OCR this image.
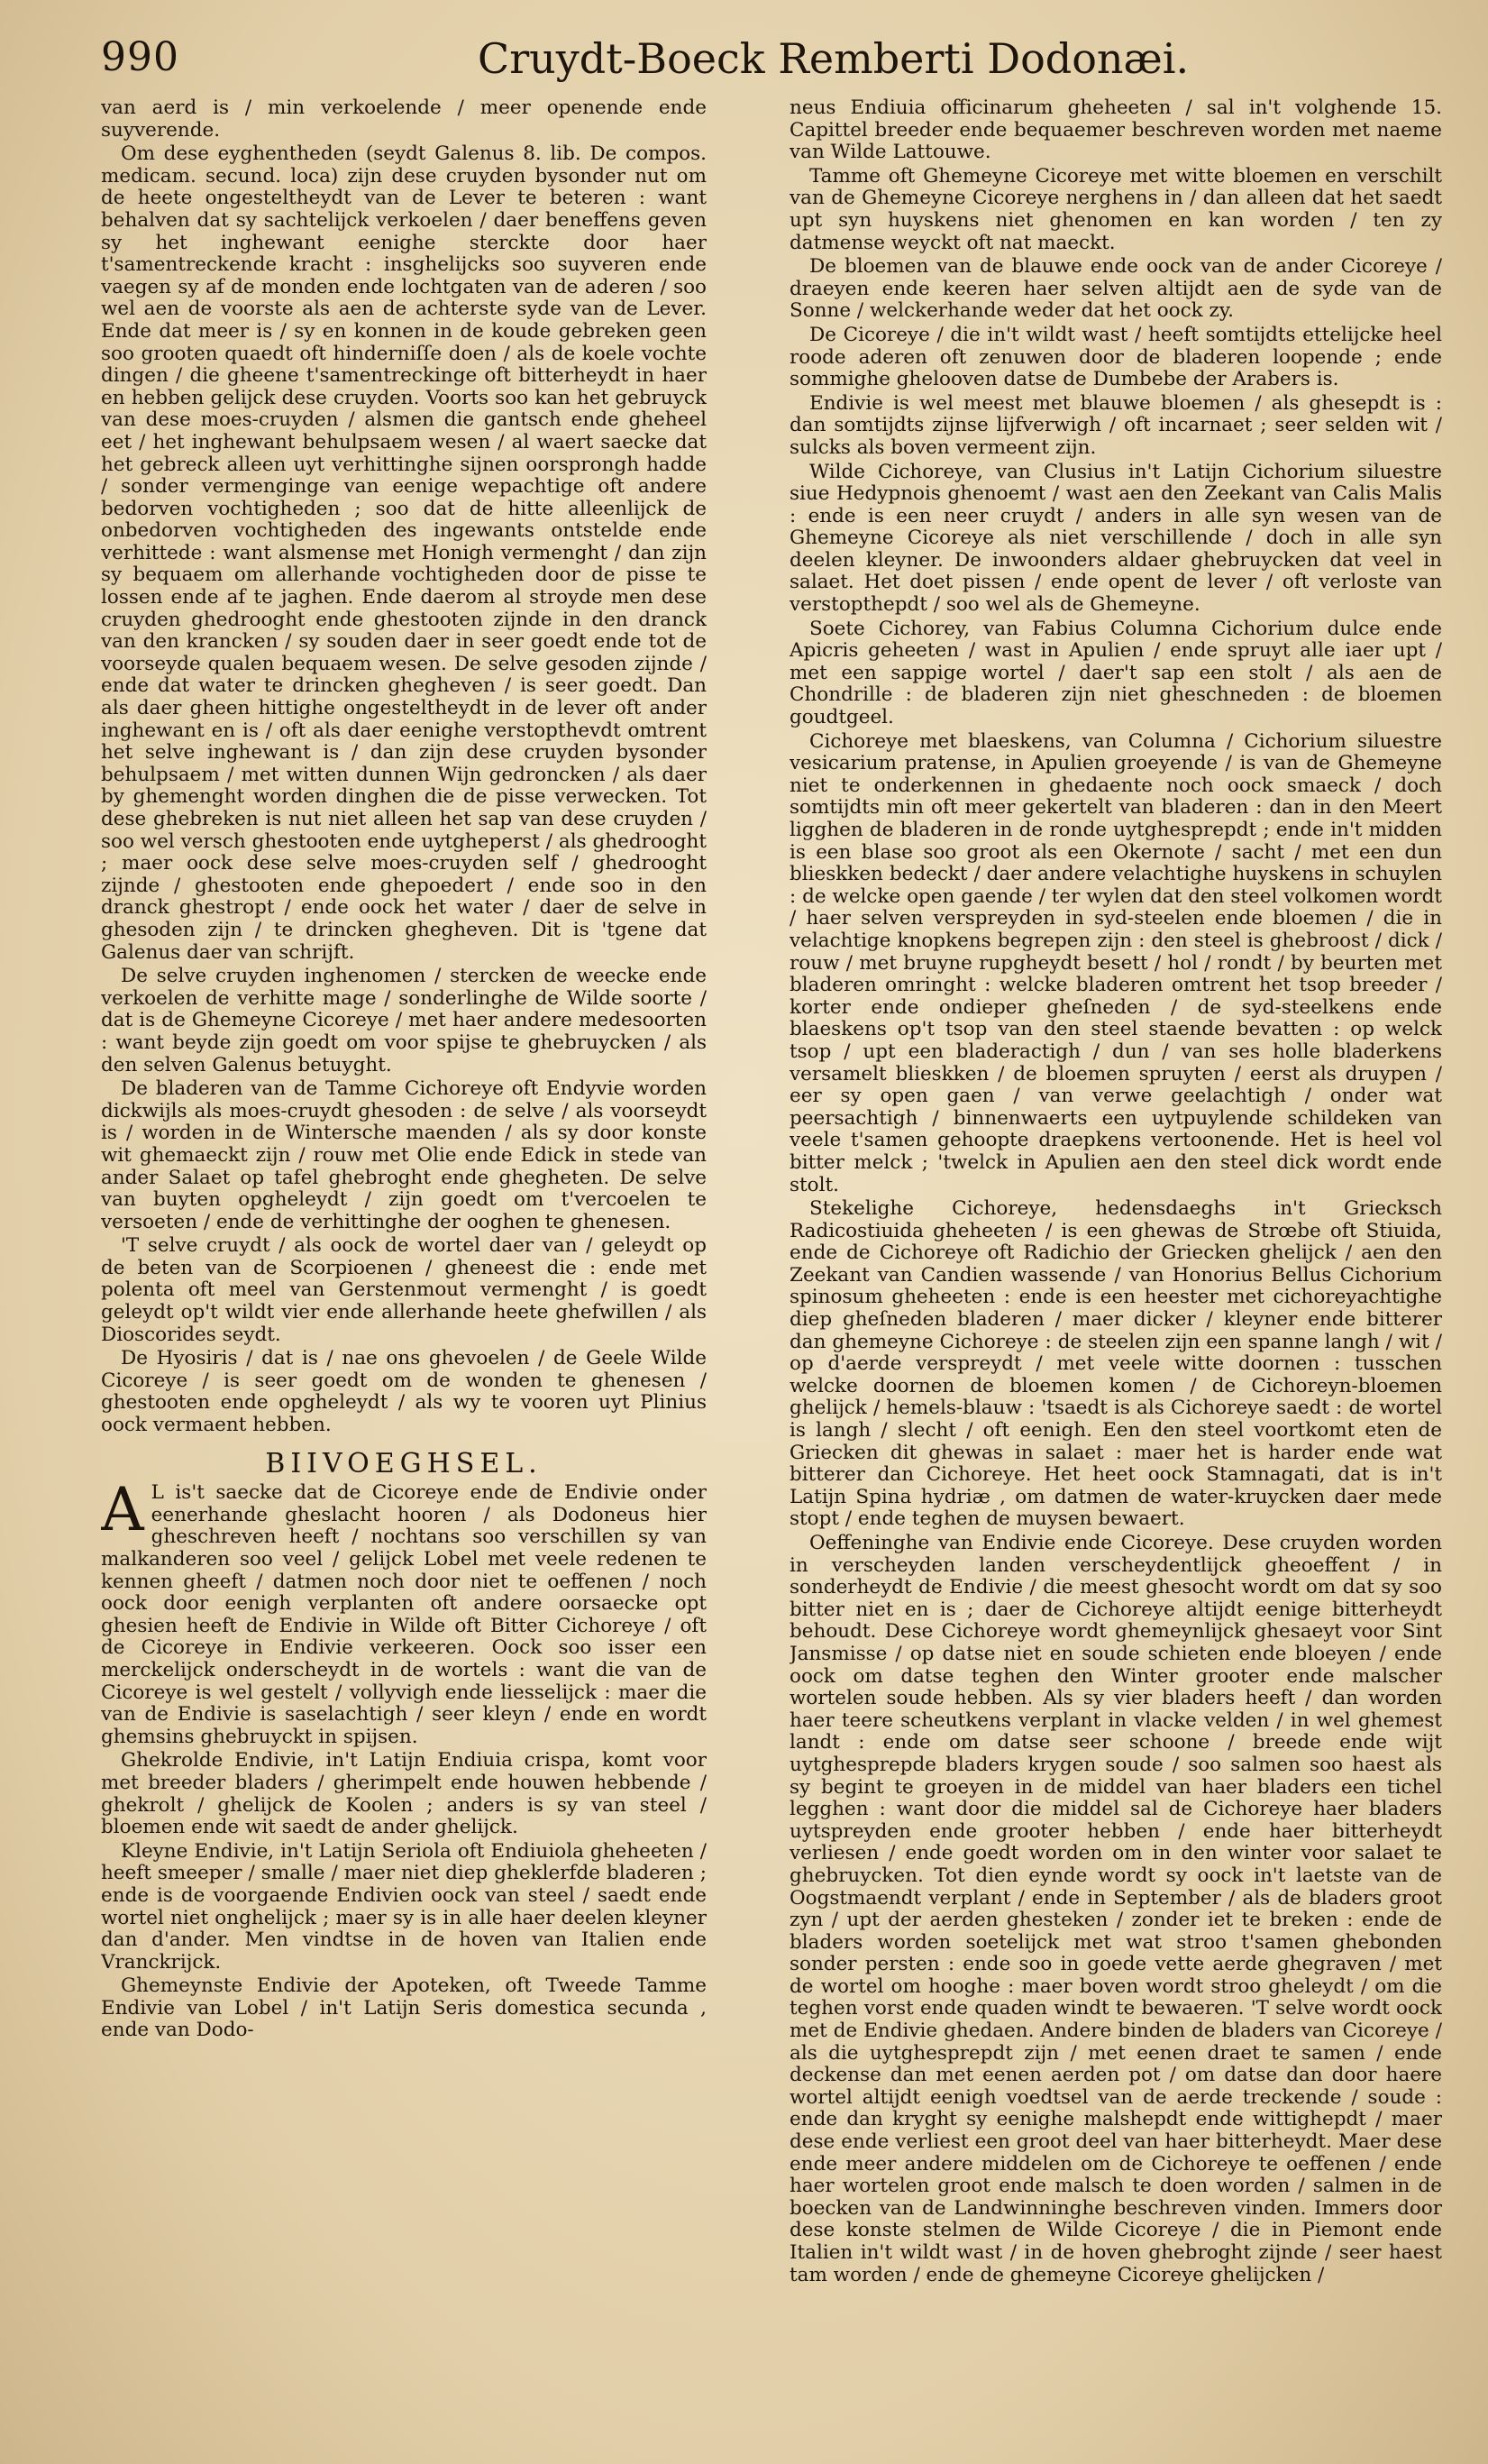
990	Cruydt-Boeck Remberti Dodonæi.

van aerd is / min verkoelende / meer openende ende suyverende.

Om dese eyghentheden (seydt Galenus 8. lib. De compos. medicam. secund. loca) zijn dese cruyden bysonder nut om de heete ongesteltheydt van de Lever te beteren : want behalven dat sy sachtelijck verkoelen / daer beneffens geven sy het inghewant eenighe sterckte door haer t'samentreckende kracht : insghelijcks soo suyveren ende vaegen sy af de monden ende lochtgaten van de aderen / soo wel aen de voorste als aen de achterste syde van de Lever. Ende dat meer is / sy en konnen in de koude gebreken geen soo grooten quaedt oft hinderniſſe doen / als de koele vochte dingen / die gheene t'samentreckinge oft bitterheydt in haer en hebben gelijck dese cruyden. Voorts soo kan het gebruyck van dese moes-cruyden / alsmen die gantsch ende gheheel eet / het inghewant behulpsaem wesen / al waert saecke dat het gebreck alleen uyt verhittinghe sijnen oorsprongh hadde / sonder vermenginge van eenige wepachtige oft andere bedorven vochtigheden ; soo dat de hitte alleenlijck de onbedorven vochtigheden des ingewants ontstelde ende verhittede : want alsmense met Honigh vermenght / dan zijn sy bequaem om allerhande vochtigheden door de pisse te lossen ende af te jaghen. Ende daerom al stroyde men dese cruyden ghedrooght ende ghestooten zijnde in den dranck van den krancken / sy souden daer in seer goedt ende tot de voorseyde qualen bequaem wesen. De selve gesoden zijnde / ende dat water te drincken ghegheven / is seer goedt. Dan als daer gheen hittighe ongesteltheydt in de lever oft ander inghewant en is / oft als daer eenighe verstopthevdt omtrent het selve inghewant is / dan zijn dese cruyden bysonder behulpsaem / met witten dunnen Wijn gedroncken / als daer by ghemenght worden dinghen die de pisse verwecken. Tot dese ghebreken is nut niet alleen het sap van dese cruyden / soo wel versch ghestooten ende uytgheperst / als ghedrooght ; maer oock dese selve moes-cruyden self / ghedrooght zijnde / ghestooten ende ghepoedert / ende soo in den dranck ghestropt / ende oock het water / daer de selve in ghesoden zijn / te drincken ghegheven. Dit is 'tgene dat Galenus daer van schrijft.

De selve cruyden inghenomen / stercken de weecke ende verkoelen de verhitte mage / sonderlinghe de Wilde soorte / dat is de Ghemeyne Cicoreye / met haer andere medesoorten : want beyde zijn goedt om voor spijse te ghebruycken / als den selven Galenus betuyght.

De bladeren van de Tamme Cichoreye oft Endyvie worden dickwijls als moes-cruydt ghesoden : de selve / als voorseydt is / worden in de Wintersche maenden / als sy door konste wit ghemaeckt zijn / rouw met Olie ende Edick in stede van ander Salaet op tafel ghebroght ende ghegheten. De selve van buyten opgheleydt / zijn goedt om t'vercoelen te versoeten / ende de verhittinghe der ooghen te ghenesen.

'T selve cruydt / als oock de wortel daer van / geleydt op de beten van de Scorpioenen / gheneest die : ende met polenta oft meel van Gerstenmout vermenght / is goedt geleydt op't wildt vier ende allerhande heete ghefwillen / als Dioscorides seydt.

De Hyosiris / dat is / nae ons ghevoelen / de Geele Wilde Cicoreye / is seer goedt om de wonden te ghenesen / ghestooten ende opgheleydt / als wy te vooren uyt Plinius oock vermaent hebben.

BIIVOEGHSEL.

A L is't saecke dat de Cicoreye ende de Endivie onder eenerhande gheslacht hooren / als Dodoneus hier gheschreven heeft / nochtans soo verschillen sy van malkanderen soo veel / gelijck Lobel met veele redenen te kennen gheeft / datmen noch door niet te oeffenen / noch oock door eenigh verplanten oft andere oorsaecke opt ghesien heeft de Endivie in Wilde oft Bitter Cichoreye / oft de Cicoreye in Endivie verkeeren. Oock soo isser een merckelijck onderscheydt in de wortels : want die van de Cicoreye is wel gestelt / vollyvigh ende liesselijck : maer die van de Endivie is saselachtigh / seer kleyn / ende en wordt ghemsins ghebruyckt in spijsen.

Ghekrolde Endivie, in't Latijn Endiuia crispa, komt voor met breeder bladers / gherimpelt ende houwen hebbende / ghekrolt / ghelijck de Koolen ; anders is sy van steel / bloemen ende wit saedt de ander ghelijck.

Kleyne Endivie, in't Latijn Seriola oft Endiuiola gheheeten / heeft smeeper / smalle / maer niet diep gheklerfde bladeren ; ende is de voorgaende Endivien oock van steel / saedt ende wortel niet onghelijck ; maer sy is in alle haer deelen kleyner dan d'ander. Men vindtse in de hoven van Italien ende Vranckrijck.

Ghemeynste Endivie der Apoteken, oft Tweede Tamme Endivie van Lobel / in't Latijn Seris domestica secunda , ende van Dodo-

neus Endiuia officinarum gheheeten / sal in't volghende 15. Capittel breeder ende bequaemer beschreven worden met naeme van Wilde Lattouwe.

Tamme oft Ghemeyne Cicoreye met witte bloemen en verschilt van de Ghemeyne Cicoreye nerghens in / dan alleen dat het saedt upt syn huyskens niet ghenomen en kan worden / ten zy datmense weyckt oft nat maeckt.

De bloemen van de blauwe ende oock van de ander Cicoreye / draeyen ende keeren haer selven altijdt aen de syde van de Sonne / welckerhande weder dat het oock zy.

De Cicoreye / die in't wildt wast / heeft somtijdts ettelijcke heel roode aderen oft zenuwen door de bladeren loopende ; ende sommighe ghelooven datse de Dumbebe der Arabers is.

Endivie is wel meest met blauwe bloemen / als ghesepdt is : dan somtijdts zijnse lijfverwigh / oft incarnaet ; seer selden wit / sulcks als boven vermeent zijn.

Wilde Cichoreye, van Clusius in't Latijn Cichorium siluestre siue Hedypnois ghenoemt / wast aen den Zeekant van Calis Malis : ende is een neer cruydt / anders in alle syn wesen van de Ghemeyne Cicoreye als niet verschillende / doch in alle syn deelen kleyner. De inwoonders aldaer ghebruycken dat veel in salaet. Het doet pissen / ende opent de lever / oft verloste van verstopthepdt / soo wel als de Ghemeyne.

Soete Cichorey, van Fabius Columna Cichorium dulce ende Apicris geheeten / wast in Apulien / ende spruyt alle iaer upt / met een sappige wortel / daer't sap een stolt / als aen de Chondrille : de bladeren zijn niet gheschneden : de bloemen goudtgeel.

Cichoreye met blaeskens, van Columna / Cichorium siluestre vesicarium pratense, in Apulien groeyende / is van de Ghemeyne niet te onderkennen in ghedaente noch oock smaeck / doch somtijdts min oft meer gekertelt van bladeren : dan in den Meert ligghen de bladeren in de ronde uytghesprepdt ; ende in't midden is een blase soo groot als een Okernote / sacht / met een dun blieskken bedeckt / daer andere velachtighe huyskens in schuylen : de welcke open gaende / ter wylen dat den steel volkomen wordt / haer selven verspreyden in syd-steelen ende bloemen / die in velachtige knopkens begrepen zijn : den steel is ghebroost / dick / rouw / met bruyne rupgheydt besett / hol / rondt / by beurten met bladeren omringht : welcke bladeren omtrent het tsop breeder / korter ende ondieper gheſneden / de syd-steelkens ende blaeskens op't tsop van den steel staende bevatten : op welck tsop / upt een bladeractigh / dun / van ses holle bladerkens versamelt blieskken / de bloemen spruyten / eerst als druypen / eer sy open gaen / van verwe geelachtigh / onder wat peersachtigh / binnenwaerts een uytpuylende schildeken van veele t'samen gehoopte draepkens vertoonende. Het is heel vol bitter melck ; 'twelck in Apulien aen den steel dick wordt ende stolt.

Stekelighe Cichoreye, hedensdaeghs in't Griecksch Radicostiuida gheheeten / is een ghewas de Strœbe oft Stiuida, ende de Cichoreye oft Radichio der Griecken ghelijck / aen den Zeekant van Candien wassende / van Honorius Bellus Cichorium spinosum gheheeten : ende is een heester met cichoreyachtighe diep gheſneden bladeren / maer dicker / kleyner ende bitterer dan ghemeyne Cichoreye : de steelen zijn een spanne langh / wit / op d'aerde verspreydt / met veele witte doornen : tusschen welcke doornen de bloemen komen / de Cichoreyn-bloemen ghelijck / hemels-blauw : 'tsaedt is als Cichoreye saedt : de wortel is langh / slecht / oft eenigh. Een den steel voortkomt eten de Griecken dit ghewas in salaet : maer het is harder ende wat bitterer dan Cichoreye. Het heet oock Stamnagati, dat is in't Latijn Spina hydriæ , om datmen de water-kruycken daer mede stopt / ende teghen de muysen bewaert.

Oeffeninghe van Endivie ende Cicoreye. Dese cruyden worden in verscheyden landen verscheydentlijck gheoeffent / in sonderheydt de Endivie / die meest ghesocht wordt om dat sy soo bitter niet en is ; daer de Cichoreye altijdt eenige bitterheydt behoudt. Dese Cichoreye wordt ghemeynlijck ghesaeyt voor Sint Jansmisse / op datse niet en soude schieten ende bloeyen / ende oock om datse teghen den Winter grooter ende malscher wortelen soude hebben. Als sy vier bladers heeft / dan worden haer teere scheutkens verplant in vlacke velden / in wel ghemest landt : ende om datse seer schoone / breede ende wijt uytghesprepde bladers krygen soude / soo salmen soo haest als sy begint te groeyen in de middel van haer bladers een tichel legghen : want door die middel sal de Cichoreye haer bladers uytspreyden ende grooter hebben / ende haer bitterheydt verliesen / ende goedt worden om in den winter voor salaet te ghebruycken. Tot dien eynde wordt sy oock in't laetste van de Oogstmaendt verplant / ende in September / als de bladers groot zyn / upt der aerden ghesteken / zonder iet te breken : ende de bladers worden soetelijck met wat stroo t'samen ghebonden sonder persten : ende soo in goede vette aerde ghegraven / met de wortel om hooghe : maer boven wordt stroo gheleydt / om die teghen vorst ende quaden windt te bewaeren. 'T selve wordt oock met de Endivie ghedaen. Andere binden de bladers van Cicoreye / als die uytghesprepdt zijn / met eenen draet te samen / ende deckense dan met eenen aerden pot / om datse dan door haere wortel altijdt eenigh voedtsel van de aerde treckende / soude : ende dan kryght sy eenighe malshepdt ende wittighepdt / maer dese ende verliest een groot deel van haer bitterheydt. Maer dese ende meer andere middelen om de Cichoreye te oeffenen / ende haer wortelen groot ende malsch te doen worden / salmen in de boecken van de Landwinninghe beschreven vinden. Immers door dese konste stelmen de Wilde Cicoreye / die in Piemont ende Italien in't wildt wast / in de hoven ghebroght zijnde / seer haest tam worden / ende de ghemeyne Cicoreye ghelijcken /
